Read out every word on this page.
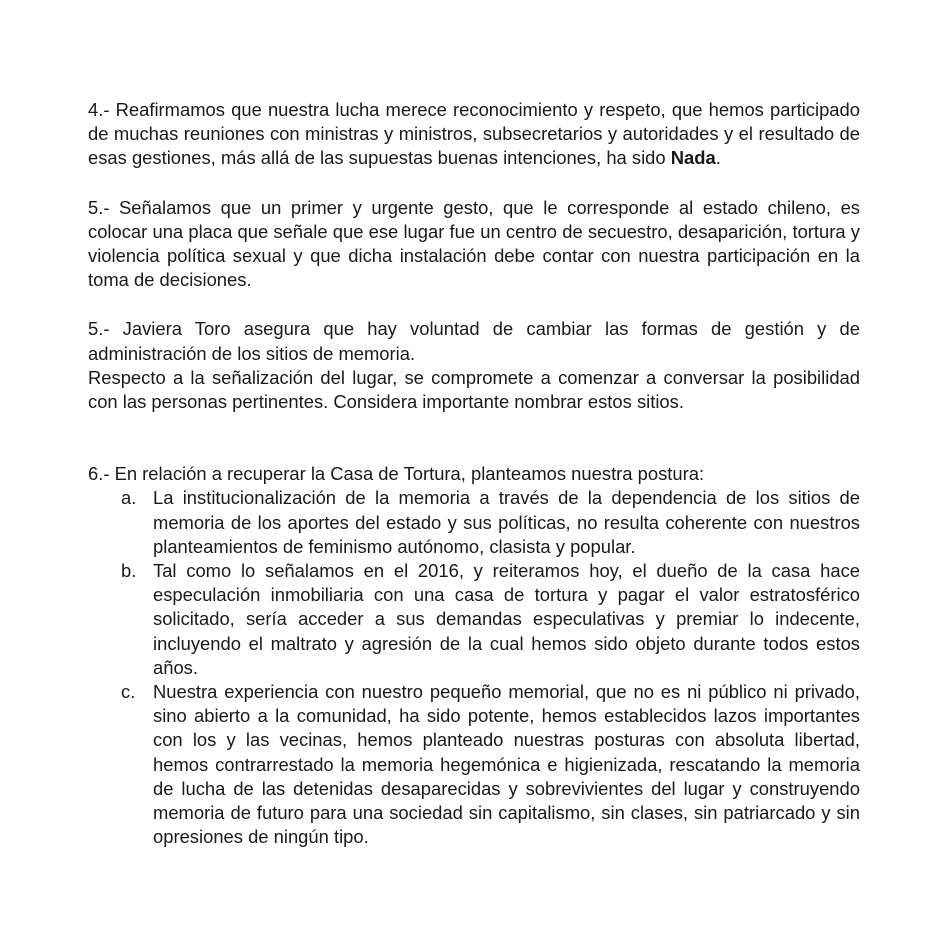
4.- Reafirmamos que nuestra lucha merece reconocimiento y respeto, que hemos participado de muchas reuniones con ministras y ministros, subsecretarios y autoridades y el resultado de esas gestiones, más allá de las supuestas buenas intenciones, ha sido Nada.

5.- Señalamos que un primer y urgente gesto, que le corresponde al estado chileno, es colocar una placa que señale que ese lugar fue un centro de secuestro, desaparición, tortura y violencia política sexual y que dicha instalación debe contar con nuestra participación en la toma de decisiones.

5.- Javiera Toro asegura que hay voluntad de cambiar las formas de gestión y de administración de los sitios de memoria.

Respecto a la señalización del lugar, se compromete a comenzar a conversar la posibilidad con las personas pertinentes. Considera importante nombrar estos sitios.

6.- En relación a recuperar la Casa de Tortura, planteamos nuestra postura:

a. La institucionalización de la memoria a través de la dependencia de los sitios de memoria de los aportes del estado y sus políticas, no resulta coherente con nuestros planteamientos de feminismo autónomo, clasista y popular.
b. Tal como lo señalamos en el 2016, y reiteramos hoy, el dueño de la casa hace especulación inmobiliaria con una casa de tortura y pagar el valor estratosférico solicitado, sería acceder a sus demandas especulativas y premiar lo indecente, incluyendo el maltrato y agresión de la cual hemos sido objeto durante todos estos años.
c. Nuestra experiencia con nuestro pequeño memorial, que no es ni público ni privado, sino abierto a la comunidad, ha sido potente, hemos establecidos lazos importantes con los y las vecinas, hemos planteado nuestras posturas con absoluta libertad, hemos contrarrestado la memoria hegemónica e higienizada, rescatando la memoria de lucha de las detenidas desaparecidas y sobrevivientes del lugar y construyendo memoria de futuro para una sociedad sin capitalismo, sin clases, sin patriarcado y sin opresiones de ningún tipo.
